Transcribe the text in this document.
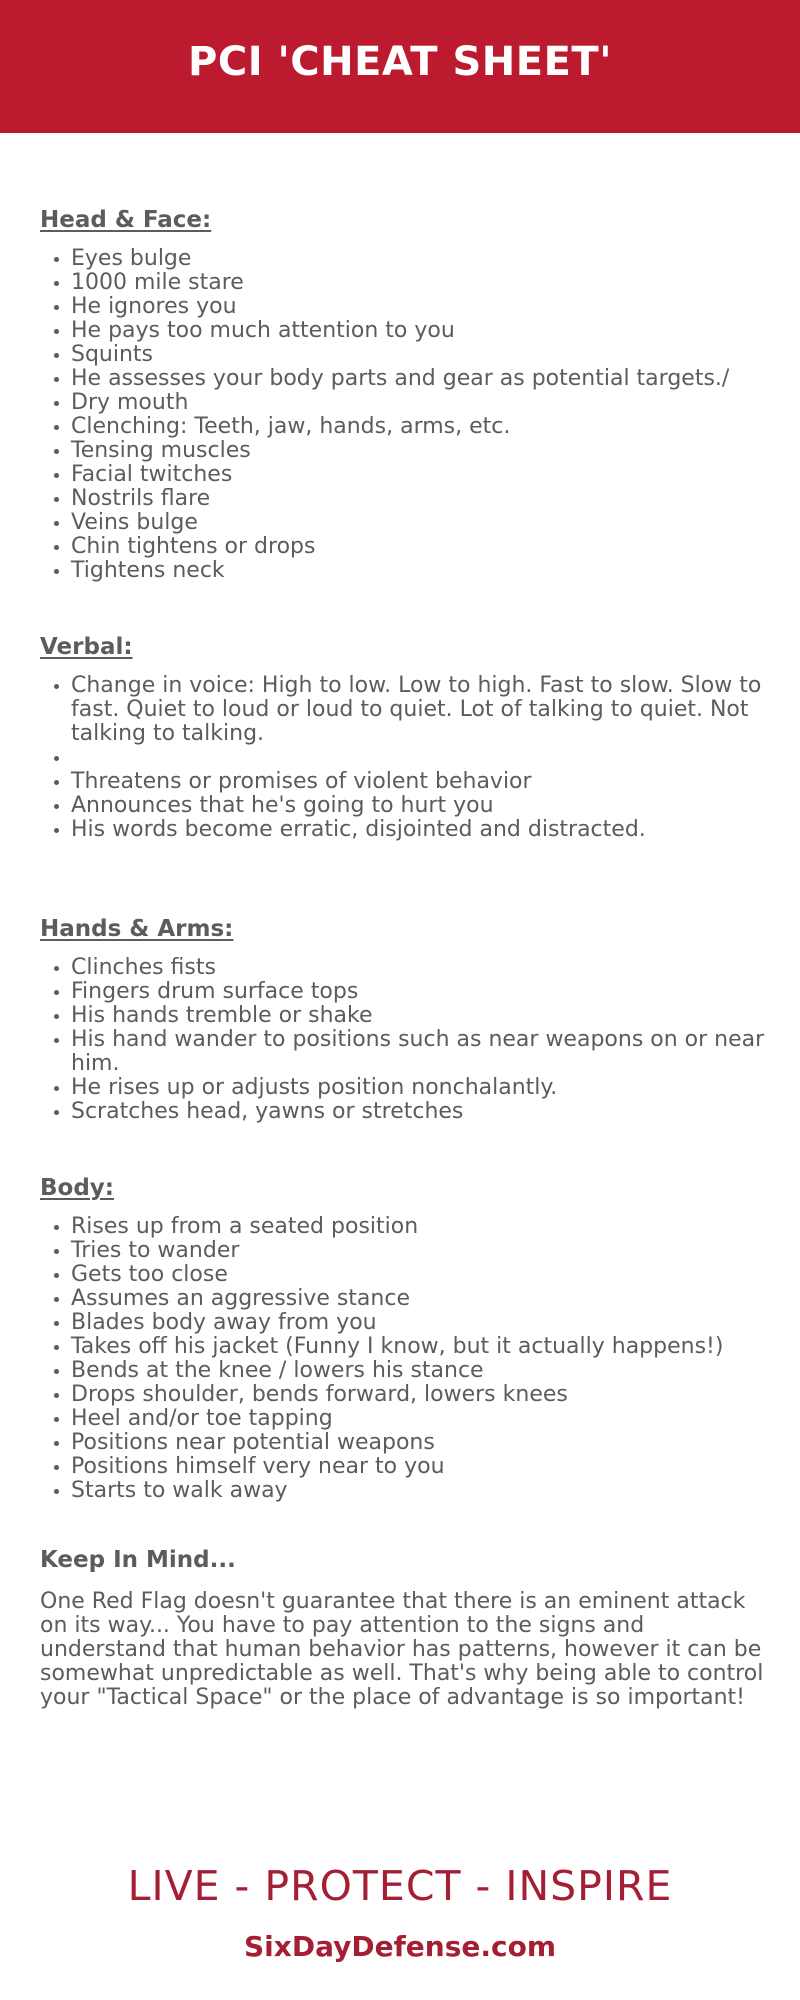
PCI 'CHEAT SHEET'
Head & Face:
• Eyes bulge
• 1000 mile stare
• He ignores you
• He pays too much attention to you
• Squints
• He assesses your body parts and gear as potential targets./
• Dry mouth
• Clenching: Teeth, jaw, hands, arms, etc.
• Tensing muscles
• Facial twitches
• Nostrils flare
• Veins bulge
• Chin tightens or drops
• Tightens neck
Verbal:
• Change in voice: High to low. Low to high. Fast to slow. Slow to fast. Quiet to loud or loud to quiet. Lot of talking to quiet. Not talking to talking.
•
• Threatens or promises of violent behavior
• Announces that he's going to hurt you
• His words become erratic, disjointed and distracted.
Hands & Arms:
• Clinches fists
• Fingers drum surface tops
• His hands tremble or shake
• His hand wander to positions such as near weapons on or near him.
• He rises up or adjusts position nonchalantly.
• Scratches head, yawns or stretches
Body:
• Rises up from a seated position
• Tries to wander
• Gets too close
• Assumes an aggressive stance
• Blades body away from you
• Takes off his jacket (Funny I know, but it actually happens!)
• Bends at the knee / lowers his stance
• Drops shoulder, bends forward, lowers knees
• Heel and/or toe tapping
• Positions near potential weapons
• Positions himself very near to you
• Starts to walk away
Keep In Mind...

One Red Flag doesn't guarantee that there is an eminent attack on its way... You have to pay attention to the signs and understand that human behavior has patterns, however it can be somewhat unpredictable as well. That's why being able to control your "Tactical Space" or the place of advantage is so important!

LIVE - PROTECT - INSPIRE
SixDayDefense.com
